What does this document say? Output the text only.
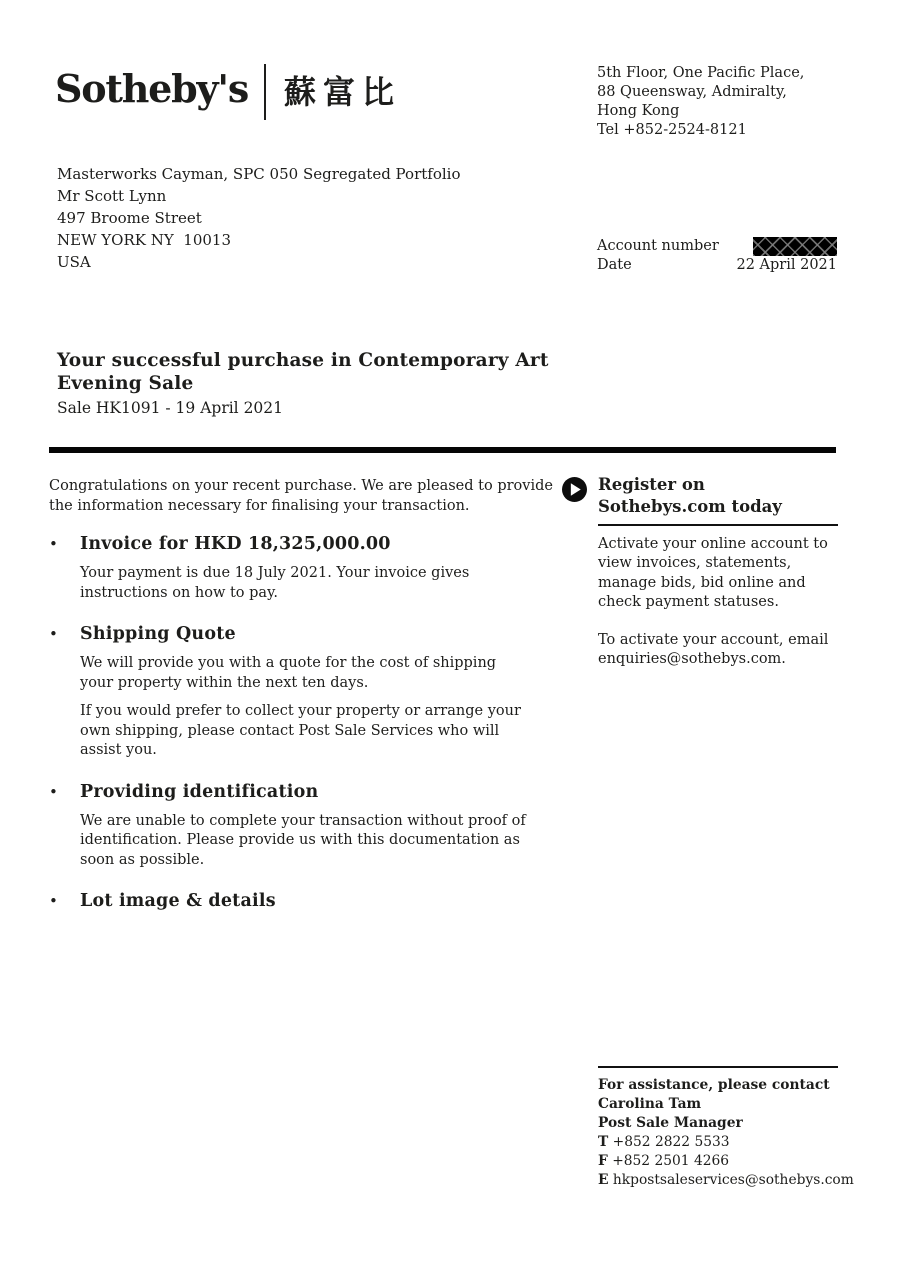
Sotheby's 蘇富比	5th Floor, One Pacific Place,
88 Queensway, Admiralty,
Hong Kong
Tel +852-2524-8121
Masterworks Cayman, SPC 050 Segregated Portfolio
Mr Scott Lynn
497 Broome Street
NEW YORK NY  10013
USA
Account number
Date	22 April 2021
Your successful purchase in Contemporary Art Evening Sale
Sale HK1091 - 19 April 2021

Congratulations on your recent purchase. We are pleased to provide the information necessary for finalising your transaction.

•
Invoice for HKD 18,325,000.00

Your payment is due 18 July 2021. Your invoice gives instructions on how to pay.

•
Shipping Quote

We will provide you with a quote for the cost of shipping your property within the next ten days.

If you would prefer to collect your property or arrange your own shipping, please contact Post Sale Services who will assist you.

•
Providing identification

We are unable to complete your transaction without proof of identification. Please provide us with this documentation as soon as possible.

•
Lot image & details
Register on Sothebys.com today

Activate your online account to view invoices, statements, manage bids, bid online and check payment statuses.

To activate your account, email enquiries@sothebys.com.

For assistance, please contact
Carolina Tam
Post Sale Manager
T +852 2822 5533
F +852 2501 4266
E hkpostsaleservices@sothebys.com
